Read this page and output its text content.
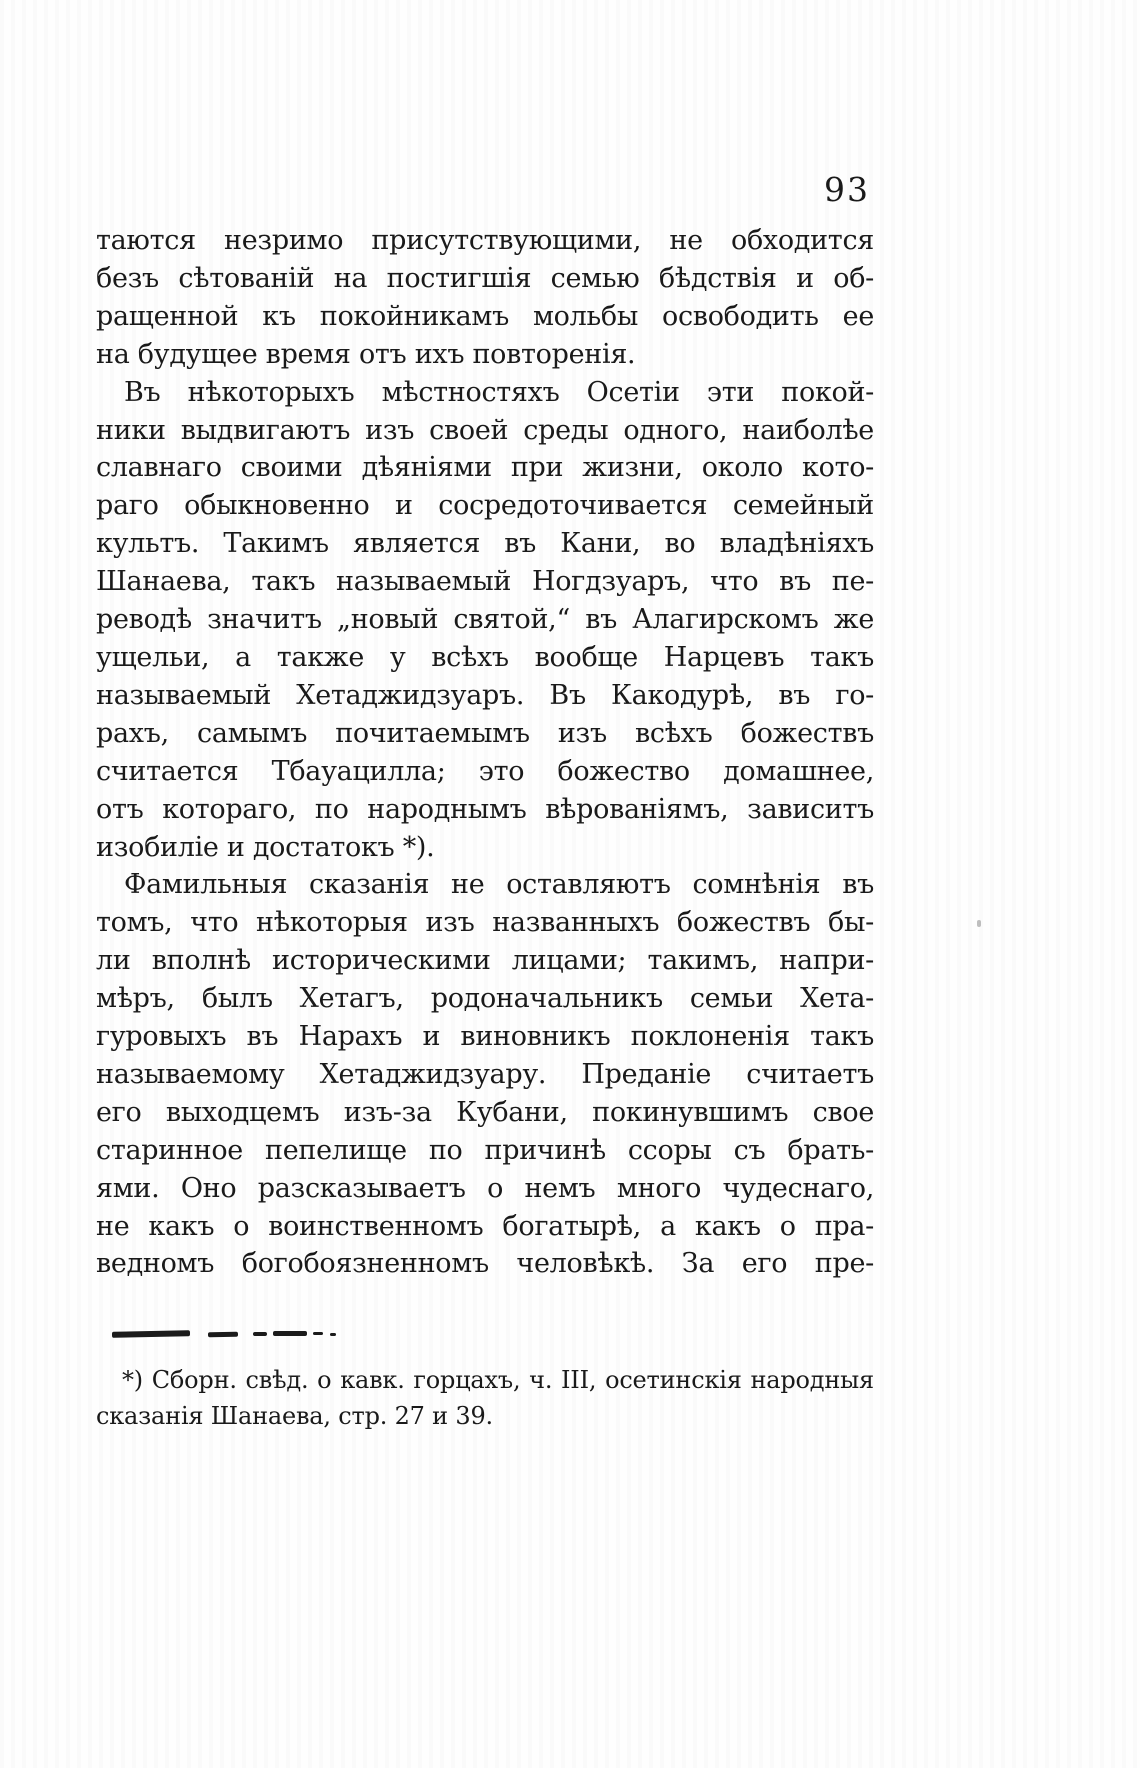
93
таются незримо присутствующими, не обходится
безъ сѣтованій на постигшія семью бѣдствія и об-
ращенной къ покойникамъ мольбы освободить ее
на будущее время отъ ихъ повторенія.
Въ нѣкоторыхъ мѣстностяхъ Осетіи эти покой-
ники выдвигаютъ изъ своей среды одного, наиболѣе
славнаго своими дѣяніями при жизни, около кото-
раго обыкновенно и сосредоточивается семейный
культъ. Такимъ является въ Кани, во владѣніяхъ
Шанаева, такъ называемый Ногдзуаръ, что въ пе-
реводѣ значитъ „новый святой,“ въ Алагирскомъ же
ущельи, а также у всѣхъ вообще Нарцевъ такъ
называемый Хетаджидзуаръ. Въ Какодурѣ, въ го-
рахъ, самымъ почитаемымъ изъ всѣхъ божествъ
считается Тбауацилла; это божество домашнее,
отъ котораго, по народнымъ вѣрованіямъ, зависитъ
изобиліе и достатокъ *).
Фамильныя сказанія не оставляютъ сомнѣнія въ
томъ, что нѣкоторыя изъ названныхъ божествъ бы-
ли вполнѣ историческими лицами; такимъ, напри-
мѣръ, былъ Хетагъ, родоначальникъ семьи Хета-
гуровыхъ въ Нарахъ и виновникъ поклоненія такъ
называемому Хетаджидзуару. Преданіе считаетъ
его выходцемъ изъ-за Кубани, покинувшимъ свое
старинное пепелище по причинѣ ссоры съ брать-
ями. Оно разсказываетъ о немъ много чудеснаго,
не какъ о воинственномъ богатырѣ, а какъ о пра-
ведномъ богобоязненномъ человѣкѣ. За его пре-
*) Сборн. свѣд. о кавк. горцахъ, ч. III, осетинскія народныя
сказанія Шанаева, стр. 27 и 39.
